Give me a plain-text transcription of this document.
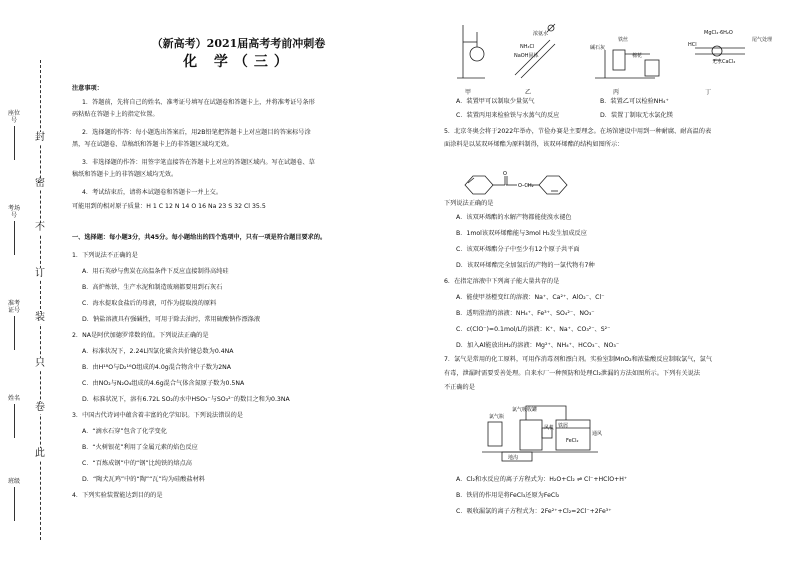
封
密
不
订
装
只
卷
此
座位号
考场号
准考证号
姓名
班级
（新高考）2021届高考考前冲刺卷
化 学（三）
注意事项：
1．答题前，先将自己的姓名、准考证号填写在试题卷和答题卡上，并将准考证号条形
码粘贴在答题卡上的指定位置。
2．选择题的作答：每小题选出答案后，用2B铅笔把答题卡上对应题目的答案标号涂
黑，写在试题卷、草稿纸和答题卡上的非答题区域均无效。
3．非选择题的作答：用签字笔直接答在答题卡上对应的答题区域内。写在试题卷、草
稿纸和答题卡上的非答题区域均无效。
4．考试结束后，请将本试题卷和答题卡一并上交。
可能用到的相对原子质量：H 1 C 12 N 14 O 16 Na 23 S 32 Cl 35.5
一、选择题：每小题3分，共45分。每小题给出的四个选项中，只有一项是符合题目要求的。
1．下列说法不正确的是
A．用石英砂与焦炭在高温条件下反应直接制得高纯硅
B．高炉炼铁、生产水泥和制造玻璃都要用到石灰石
C．海水提取食盐后的母液，可作为提取溴的原料
D．钠盐溶液具有强碱性，可用于除去油污，常用硫酸钠作漂涤液
2．NA是阿伏加德罗常数的值。下列说法正确的是
A．标准状况下，2.24L四氯化碳含共价键总数为0.4NA
B．由H¹⁸O与D₂¹⁶O组成的4.0g混合物含中子数为2NA
C．由NO₂与N₂O₄组成的4.6g混合气体含氮原子数为0.5NA
D．标准状况下，溶有6.72L SO₂的水中HSO₃⁻与SO₃²⁻的数目之和为0.3NA
3．中国古代诗词中蕴含着丰富的化学知识。下列说法错误的是
A．“滴水石穿”包含了化学变化
B．“火树银花”利用了金属元素的焰色反应
C．“百炼成钢”中的“钢”比纯铁的熔点高
D．“陶犬瓦鸡”中的“陶”“瓦”均为硅酸盐材料
4．下列实验装置能达到目的的是
甲	乙	丙	丁
浓氨水
NH₄Cl
NaOH固体
碱石灰
铁丝
棉花
HCl
MgCl₂·6H₂O
无水CaCl₂
尾气处理
A．装置甲可以制取少量氨气	B．装置乙可以检验NH₄⁺
C．装置丙用来检验铁与水蒸气的反应	D．装置丁制取无水氯化镁
5．北京冬奥会将于2022年举办，节俭办赛是主要理念。在场馆建设中用到一种耐腐、耐高温的表
面涂料是以某双环烯酯为原料制得，该双环烯酯的结构如图所示：
下列说法正确的是
A．该双环烯酯的水解产物都能使溴水褪色
B．1mol该双环烯酯能与3mol H₂发生加成反应
C．该双环烯酯分子中至少有12个原子共平面
D．该双环烯酯完全加氢后的产物的一氯代物有7种
6．在指定溶液中下列离子能大量共存的是
A．能使甲基橙变红的溶液：Na⁺、Ca²⁺、AlO₂⁻、Cl⁻
B．透明澄清的溶液：NH₄⁺、Fe³⁺、SO₄²⁻、NO₃⁻
C．c(ClO⁻)=0.1mol/L的溶液：K⁺、Na⁺、CO₃²⁻、S²⁻
D．加入Al能放出H₂的溶液：Mg²⁺、NH₄⁺、HCO₃⁻、NO₃⁻
7．氯气是常用的化工原料，可用作消毒剂和漂白剂。实验室制MnO₂和浓盐酸反应制取氯气，氯气
有毒，泄漏时需要妥善处理。自来水厂一种预防和处理Cl₂泄漏的方法如图所示。下列有关说法
不正确的是
A．Cl₂和水反应的离子方程式为：H₂O+Cl₂ ⇌ Cl⁻+HClO+H⁺
B．铁屑的作用是将FeCl₃还原为FeCl₂
C．吸收漏氯的离子方程式为：2Fe²⁺+Cl₂=2Cl⁻+2Fe³⁺
O
O–CH₂
氯气瓶
氯气吸收罐
风机 铁屑
通风
FeCl₂
地沟
